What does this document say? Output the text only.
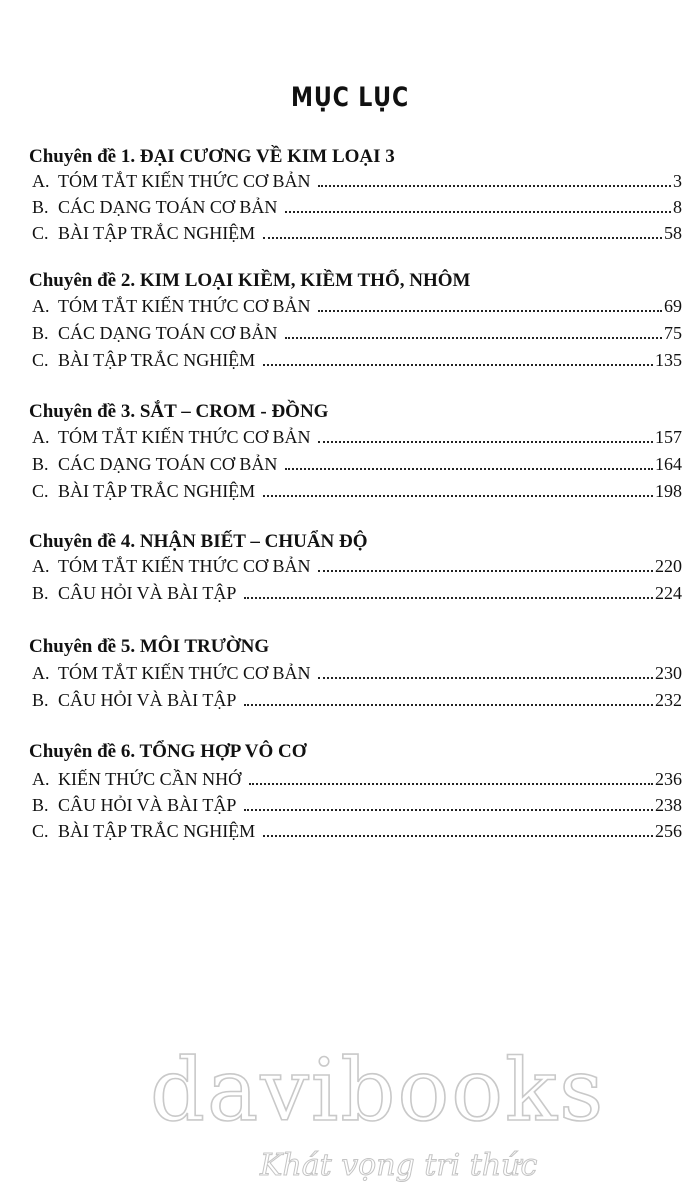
MỤC LỤC
Chuyên đề 1. ĐẠI CƯƠNG VỀ KIM LOẠI 3
A. TÓM TẮT KIẾN THỨC CƠ BẢN	3
B. CÁC DẠNG TOÁN CƠ BẢN	8
C. BÀI TẬP TRẮC NGHIỆM	58
Chuyên đề 2. KIM LOẠI KIỀM, KIỀM THỔ, NHÔM
A. TÓM TẮT KIẾN THỨC CƠ BẢN	69
B. CÁC DẠNG TOÁN CƠ BẢN	75
C. BÀI TẬP TRẮC NGHIỆM	135
Chuyên đề 3. SẮT – CROM - ĐỒNG
A. TÓM TẮT KIẾN THỨC CƠ BẢN	157
B. CÁC DẠNG TOÁN CƠ BẢN	164
C. BÀI TẬP TRẮC NGHIỆM	198
Chuyên đề 4. NHẬN BIẾT – CHUẨN ĐỘ
A. TÓM TẮT KIẾN THỨC CƠ BẢN	220
B. CÂU HỎI VÀ BÀI TẬP	224
Chuyên đề 5. MÔI TRƯỜNG
A. TÓM TẮT KIẾN THỨC CƠ BẢN	230
B. CÂU HỎI VÀ BÀI TẬP	232
Chuyên đề 6. TỔNG HỢP VÔ CƠ
A. KIẾN THỨC CẦN NHỚ	236
B. CÂU HỎI VÀ BÀI TẬP	238
C. BÀI TẬP TRẮC NGHIỆM	256
davibooks
Khát vọng tri thức
